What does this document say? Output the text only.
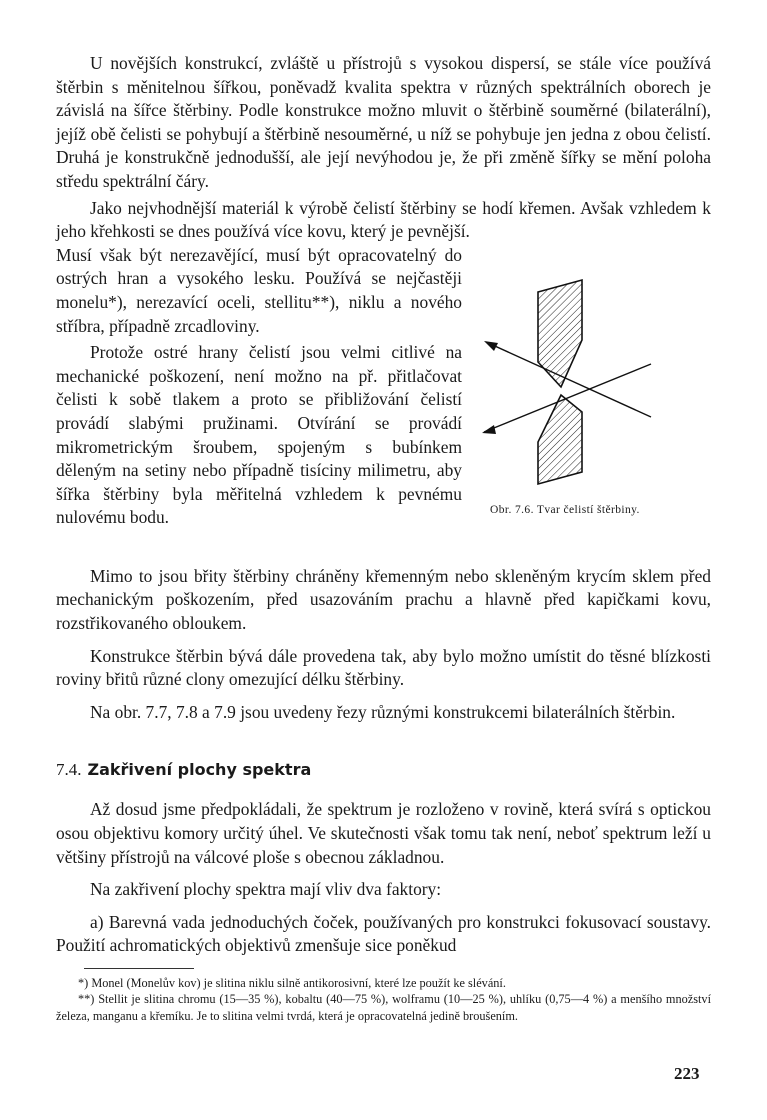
U novějších konstrukcí, zvláště u přístrojů s vysokou dispersí, se stále více používá štěrbin s měnitelnou šířkou, poněvadž kvalita spektra v různých spektrálních oborech je závislá na šířce štěrbiny. Podle konstrukce možno mluvit o štěrbině souměrné (bilaterální), jejíž obě čelisti se pohybují a štěrbině nesouměrné, u níž se pohybuje jen jedna z obou čelistí. Druhá je konstrukčně jednodušší, ale její nevýhodou je, že při změně šířky se mění poloha středu spektrální čáry.

Jako nejvhodnější materiál k výrobě čelistí štěrbiny se hodí křemen. Avšak vzhledem k jeho křehkosti se dnes používá více kovu, který je pevnější.

Obr. 7.6. Tvar čelistí štěrbiny.

Musí však být nerezavějící, musí být opracovatelný do ostrých hran a vysokého lesku. Používá se nejčastěji monelu*), nerezavící oceli, stellitu**), niklu a nového stříbra, případně zrcadloviny.

Protože ostré hrany čelistí jsou velmi citlivé na mechanické poškození, není možno na př. přitlačovat čelisti k sobě tlakem a proto se přibližování čelistí provádí slabými pružinami. Otvírání se provádí mikrometrickým šroubem, spojeným s bubínkem děleným na setiny nebo případně tisíciny milimetru, aby šířka štěrbiny byla měřitelná vzhledem k pevnému nulovému bodu.

Mimo to jsou břity štěrbiny chráněny křemenným nebo skleněným krycím sklem před mechanickým poškozením, před usazováním prachu a hlavně před kapičkami kovu, rozstřikovaného obloukem.

Konstrukce štěrbin bývá dále provedena tak, aby bylo možno umístit do těsné blízkosti roviny břitů různé clony omezující délku štěrbiny.

Na obr. 7.7, 7.8 a 7.9 jsou uvedeny řezy různými konstrukcemi bilaterálních štěrbin.

7.4. Zakřivení plochy spektra

Až dosud jsme předpokládali, že spektrum je rozloženo v rovině, která svírá s optickou osou objektivu komory určitý úhel. Ve skutečnosti však tomu tak není, neboť spektrum leží u většiny přístrojů na válcové ploše s obecnou základnou.

Na zakřivení plochy spektra mají vliv dva faktory:

a) Barevná vada jednoduchých čoček, používaných pro konstrukci fokusovací soustavy. Použití achromatických objektivů zmenšuje sice poněkud

*) Monel (Monelův kov) je slitina niklu silně antikorosivní, které lze použít ke slévání.
**) Stellit je slitina chromu (15—35 %), kobaltu (40—75 %), wolframu (10—25 %), uhlíku (0,75—4 %) a menšího množství železa, manganu a křemíku. Je to slitina velmi tvrdá, která je opracovatelná jedině broušením.
223
